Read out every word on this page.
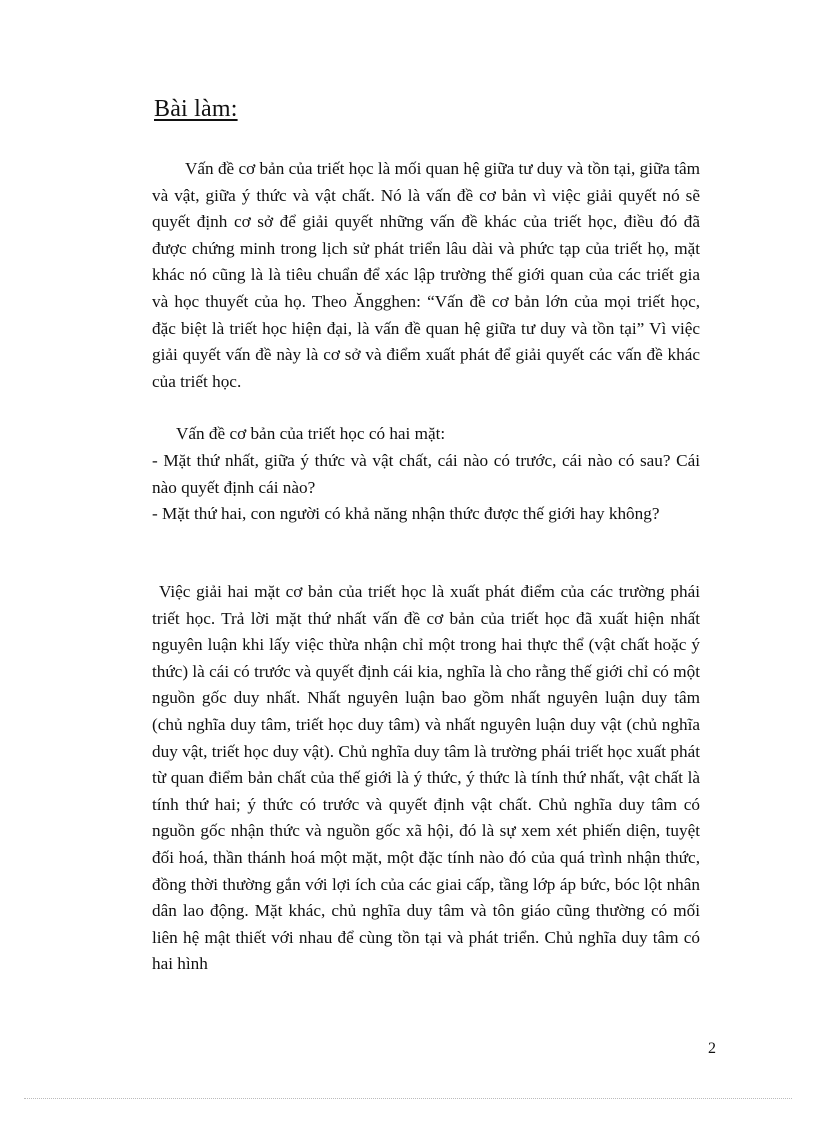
Bài làm:

Vấn đề cơ bản của triết học là mối quan hệ giữa tư duy và tồn tại, giữa tâm và vật, giữa ý thức và vật chất. Nó là vấn đề cơ bản vì việc giải quyết nó sẽ quyết định cơ sở để giải quyết những vấn đề khác của triết học, điều đó đã được chứng minh trong lịch sử phát triển lâu dài và phức tạp của triết họ, mặt khác nó cũng là là tiêu chuẩn để xác lập trường thế giới quan của các triết gia và học thuyết của họ. Theo Ăngghen: “Vấn đề cơ bản lớn của mọi triết học, đặc biệt là triết học hiện đại, là vấn đề quan hệ giữa tư duy và tồn tại” Vì việc giải quyết vấn đề này là cơ sở và điểm xuất phát để giải quyết các vấn đề khác của triết học.

Vấn đề cơ bản của triết học có hai mặt:

- Mặt thứ nhất, giữa ý thức và vật chất, cái nào có trước, cái nào có sau? Cái nào quyết định cái nào?

- Mặt thứ hai, con người có khả năng nhận thức được thế giới hay không?

Việc giải hai mặt cơ bản của triết học là xuất phát điểm của các trường phái triết học. Trả lời mặt thứ nhất vấn đề cơ bản của triết học đã xuất hiện nhất nguyên luận khi lấy việc thừa nhận chỉ một trong hai thực thể (vật chất hoặc ý thức) là cái có trước và quyết định cái kia, nghĩa là cho rằng thế giới chỉ có một nguồn gốc duy nhất. Nhất nguyên luận bao gồm nhất nguyên luận duy tâm (chủ nghĩa duy tâm, triết học duy tâm) và nhất nguyên luận duy vật (chủ nghĩa duy vật, triết học duy vật). Chủ nghĩa duy tâm là trường phái triết học xuất phát từ quan điểm bản chất của thế giới là ý thức, ý thức là tính thứ nhất, vật chất là tính thứ hai; ý thức có trước và quyết định vật chất. Chủ nghĩa duy tâm có nguồn gốc nhận thức và nguồn gốc xã hội, đó là sự xem xét phiến diện, tuyệt đối hoá, thần thánh hoá một mặt, một đặc tính nào đó của quá trình nhận thức, đồng thời thường gắn với lợi ích của các giai cấp, tầng lớp áp bức, bóc lột nhân dân lao động. Mặt khác, chủ nghĩa duy tâm và tôn giáo cũng thường có mối liên hệ mật thiết với nhau để cùng tồn tại và phát triển. Chủ nghĩa duy tâm có hai hình

2
